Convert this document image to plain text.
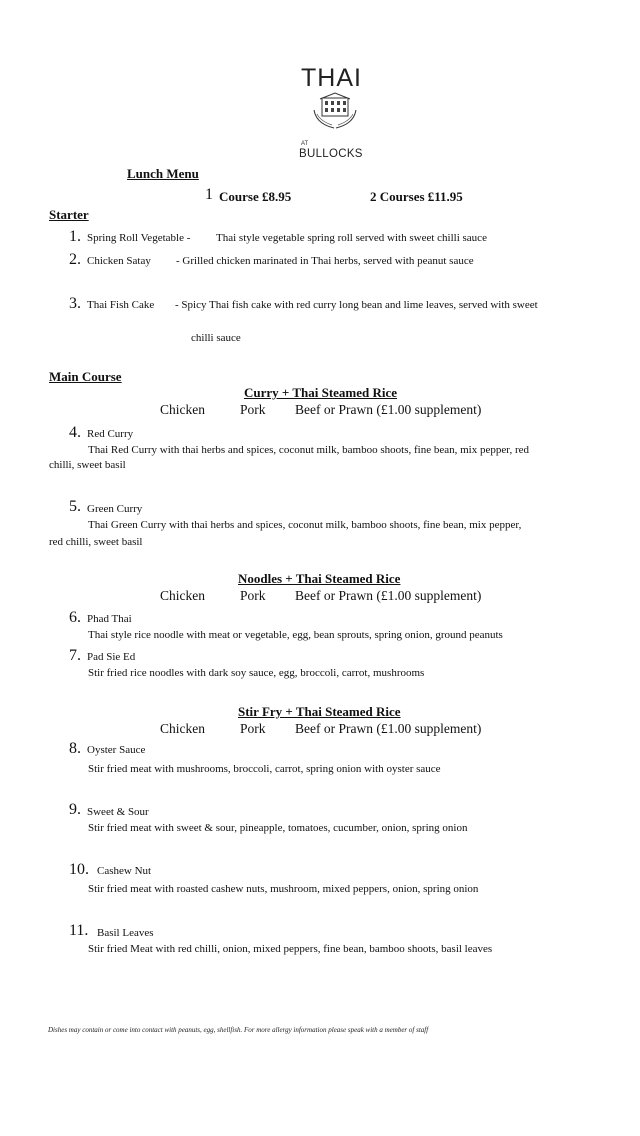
THAI
AT
BULLOCKS
Lunch Menu
1 Course £8.95	2 Courses £11.95
Starter
1. Spring Roll Vegetable - Thai style vegetable spring roll served with sweet chilli sauce
2. Chicken Satay - Grilled chicken marinated in Thai herbs, served with peanut sauce
3. Thai Fish Cake - Spicy Thai fish cake with red curry long bean and lime leaves, served with sweet
chilli sauce
Main Course
Curry + Thai Steamed Rice
Chicken	Pork Beef or Prawn (£1.00 supplement)
4. Red Curry
Thai Red Curry with thai herbs and spices, coconut milk, bamboo shoots, fine bean, mix pepper, red
chilli, sweet basil
5. Green Curry
Thai Green Curry with thai herbs and spices, coconut milk, bamboo shoots, fine bean, mix pepper,
red chilli, sweet basil
Noodles + Thai Steamed Rice
Chicken	Pork Beef or Prawn (£1.00 supplement)
6. Phad Thai
Thai style rice noodle with meat or vegetable, egg, bean sprouts, spring onion, ground peanuts
7. Pad Sie Ed
Stir fried rice noodles with dark soy sauce, egg, broccoli, carrot, mushrooms
Stir Fry + Thai Steamed Rice
Chicken	Pork Beef or Prawn (£1.00 supplement)
8. Oyster Sauce
Stir fried meat with mushrooms, broccoli, carrot, spring onion with oyster sauce
9. Sweet & Sour
Stir fried meat with sweet & sour, pineapple, tomatoes, cucumber, onion, spring onion
10. Cashew Nut
Stir fried meat with roasted cashew nuts, mushroom, mixed peppers, onion, spring onion
11. Basil Leaves
Stir fried Meat with red chilli, onion, mixed peppers, fine bean, bamboo shoots, basil leaves
Dishes may contain or come into contact with peanuts, egg, shellfish. For more allergy information please speak with a member of staff
